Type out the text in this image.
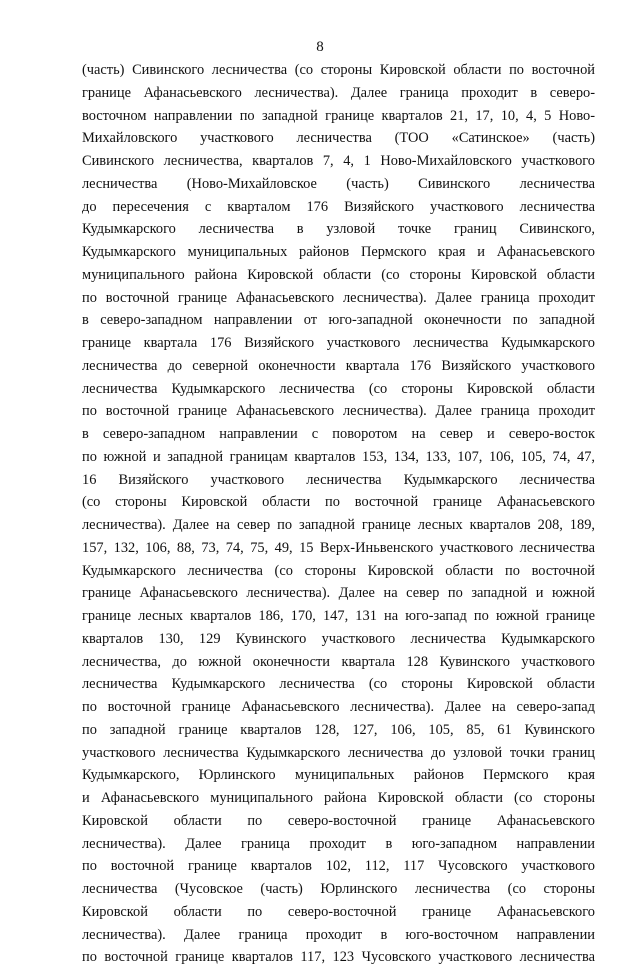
8
(часть) Сивинского лесничества (со стороны Кировской области по восточной
границе Афанасьевского лесничества). Далее граница проходит в северо-
восточном направлении по западной границе кварталов 21, 17, 10, 4, 5 Ново-
Михайловского участкового лесничества (ТОО «Сатинское» (часть)
Сивинского лесничества, кварталов 7, 4, 1 Ново-Михайловского участкового
лесничества (Ново-Михайловское (часть) Сивинского лесничества
до пересечения с кварталом 176 Визяйского участкового лесничества
Кудымкарского лесничества в узловой точке границ Сивинского,
Кудымкарского муниципальных районов Пермского края и Афанасьевского
муниципального района Кировской области (со стороны Кировской области
по восточной границе Афанасьевского лесничества). Далее граница проходит
в северо-западном направлении от юго-западной оконечности по западной
границе квартала 176 Визяйского участкового лесничества Кудымкарского
лесничества до северной оконечности квартала 176 Визяйского участкового
лесничества Кудымкарского лесничества (со стороны Кировской области
по восточной границе Афанасьевского лесничества). Далее граница проходит
в северо-западном направлении с поворотом на север и северо-восток
по южной и западной границам кварталов 153, 134, 133, 107, 106, 105, 74, 47,
16 Визяйского участкового лесничества Кудымкарского лесничества
(со стороны Кировской области по восточной границе Афанасьевского
лесничества). Далее на север по западной границе лесных кварталов 208, 189,
157, 132, 106, 88, 73, 74, 75, 49, 15 Верх-Иньвенского участкового лесничества
Кудымкарского лесничества (со стороны Кировской области по восточной
границе Афанасьевского лесничества). Далее на север по западной и южной
границе лесных кварталов 186, 170, 147, 131 на юго-запад по южной границе
кварталов 130, 129 Кувинского участкового лесничества Кудымкарского
лесничества, до южной оконечности квартала 128 Кувинского участкового
лесничества Кудымкарского лесничества (со стороны Кировской области
по восточной границе Афанасьевского лесничества). Далее на северо-запад
по западной границе кварталов 128, 127, 106, 105, 85, 61 Кувинского
участкового лесничества Кудымкарского лесничества до узловой точки границ
Кудымкарского, Юрлинского муниципальных районов Пермского края
и Афанасьевского муниципального района Кировской области (со стороны
Кировской области по северо-восточной границе Афанасьевского
лесничества). Далее граница проходит в юго-западном направлении
по восточной границе кварталов 102, 112, 117 Чусовского участкового
лесничества (Чусовское (часть) Юрлинского лесничества (со стороны
Кировской области по северо-восточной границе Афанасьевского
лесничества). Далее граница проходит в юго-восточном направлении
по восточной границе кварталов 117, 123 Чусовского участкового лесничества
